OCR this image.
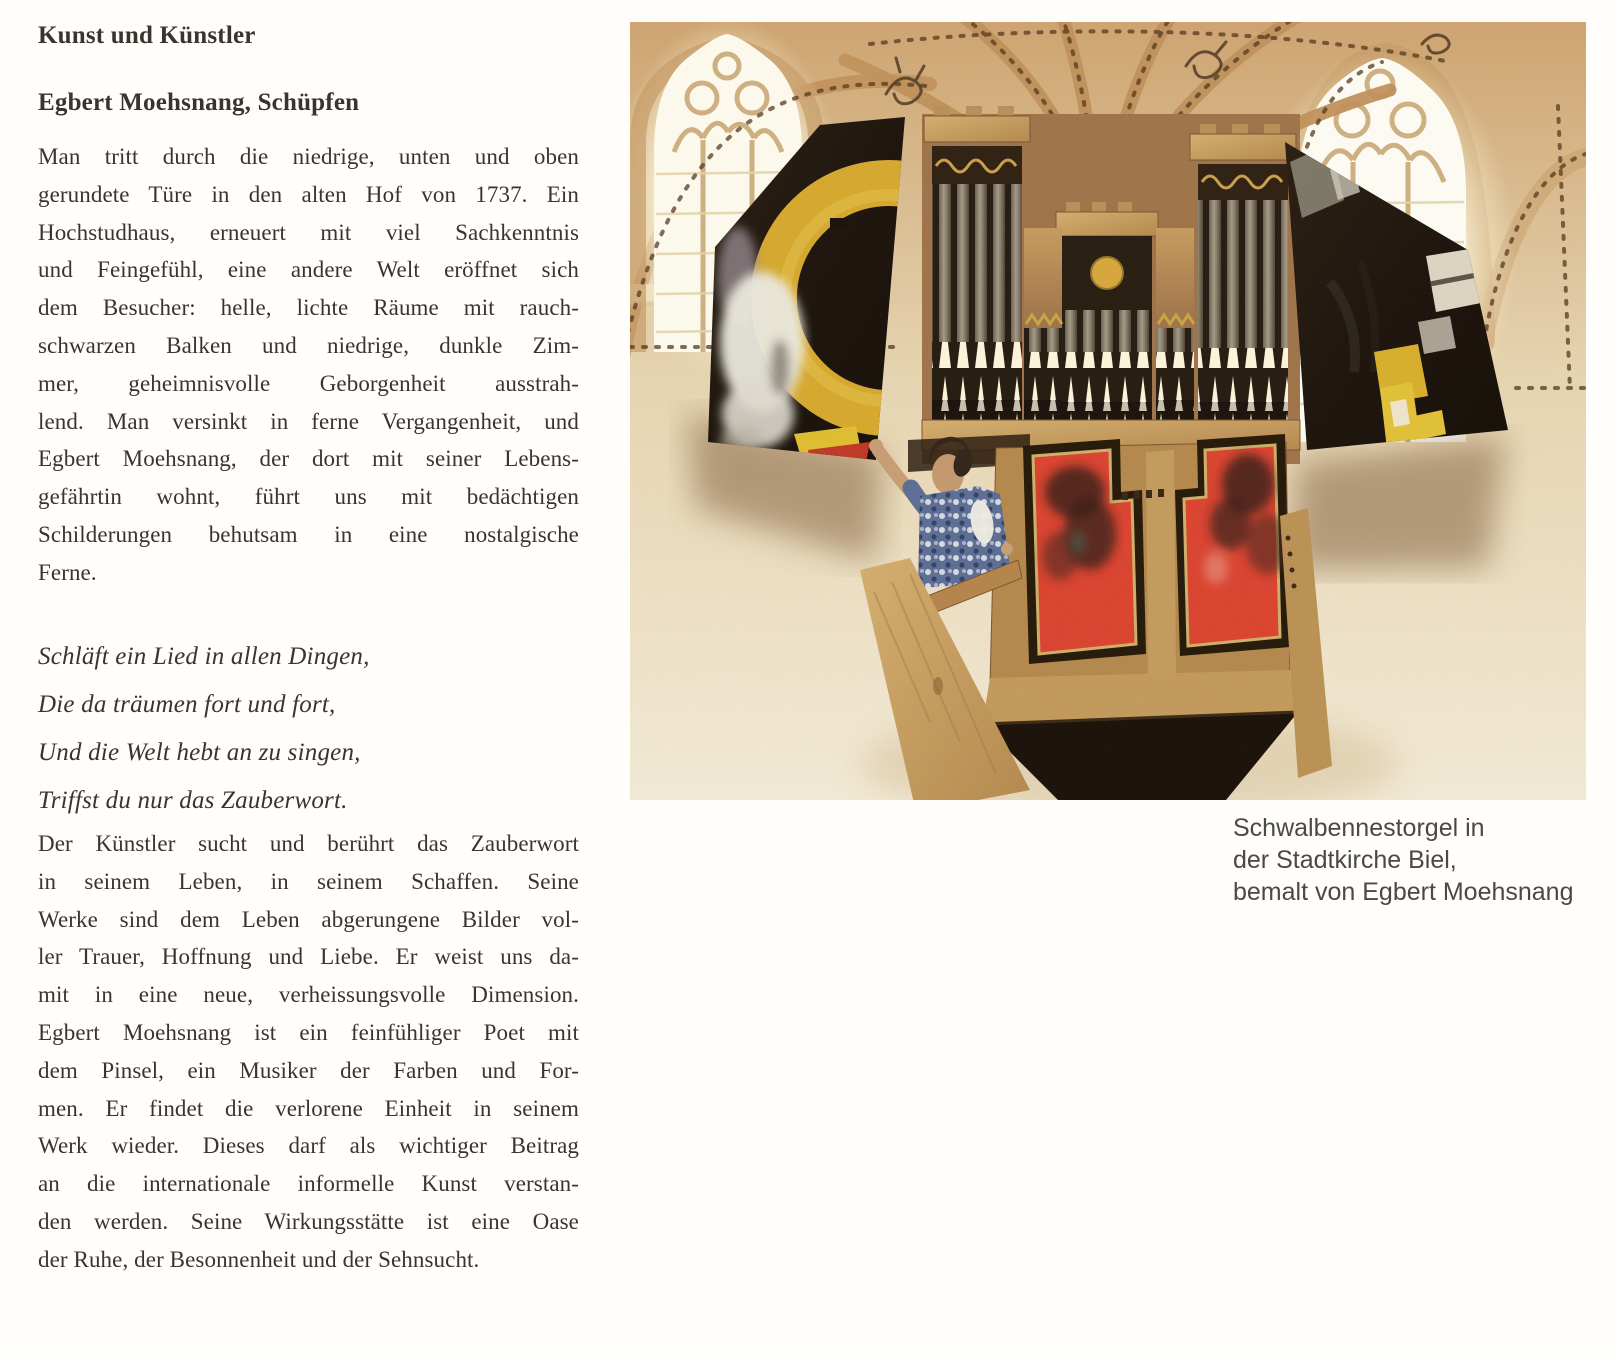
Kunst und Künstler
Egbert Moehsnang, Schüpfen
Man tritt durch die niedrige, unten und oben
gerundete Türe in den alten Hof von 1737. Ein
Hochstudhaus, erneuert mit viel Sachkenntnis
und Feingefühl, eine andere Welt eröffnet sich
dem Besucher: helle, lichte Räume mit rauch-
schwarzen Balken und niedrige, dunkle Zim-
mer, geheimnisvolle Geborgenheit ausstrah-
lend. Man versinkt in ferne Vergangenheit, und
Egbert Moehsnang, der dort mit seiner Lebens-
gefährtin wohnt, führt uns mit bedächtigen
Schilderungen behutsam in eine nostalgische
Ferne.
Schläft ein Lied in allen Dingen,
Die da träumen fort und fort,
Und die Welt hebt an zu singen,
Triffst du nur das Zauberwort.
Der Künstler sucht und berührt das Zauberwort
in seinem Leben, in seinem Schaffen. Seine
Werke sind dem Leben abgerungene Bilder vol-
ler Trauer, Hoffnung und Liebe. Er weist uns da-
mit in eine neue, verheissungsvolle Dimension.
Egbert Moehsnang ist ein feinfühliger Poet mit
dem Pinsel, ein Musiker der Farben und For-
men. Er findet die verlorene Einheit in seinem
Werk wieder. Dieses darf als wichtiger Beitrag
an die internationale informelle Kunst verstan-
den werden. Seine Wirkungsstätte ist eine Oase
der Ruhe, der Besonnenheit und der Sehnsucht.
Schwalbennestorgel in
der Stadtkirche Biel,
bemalt von Egbert Moehsnang
